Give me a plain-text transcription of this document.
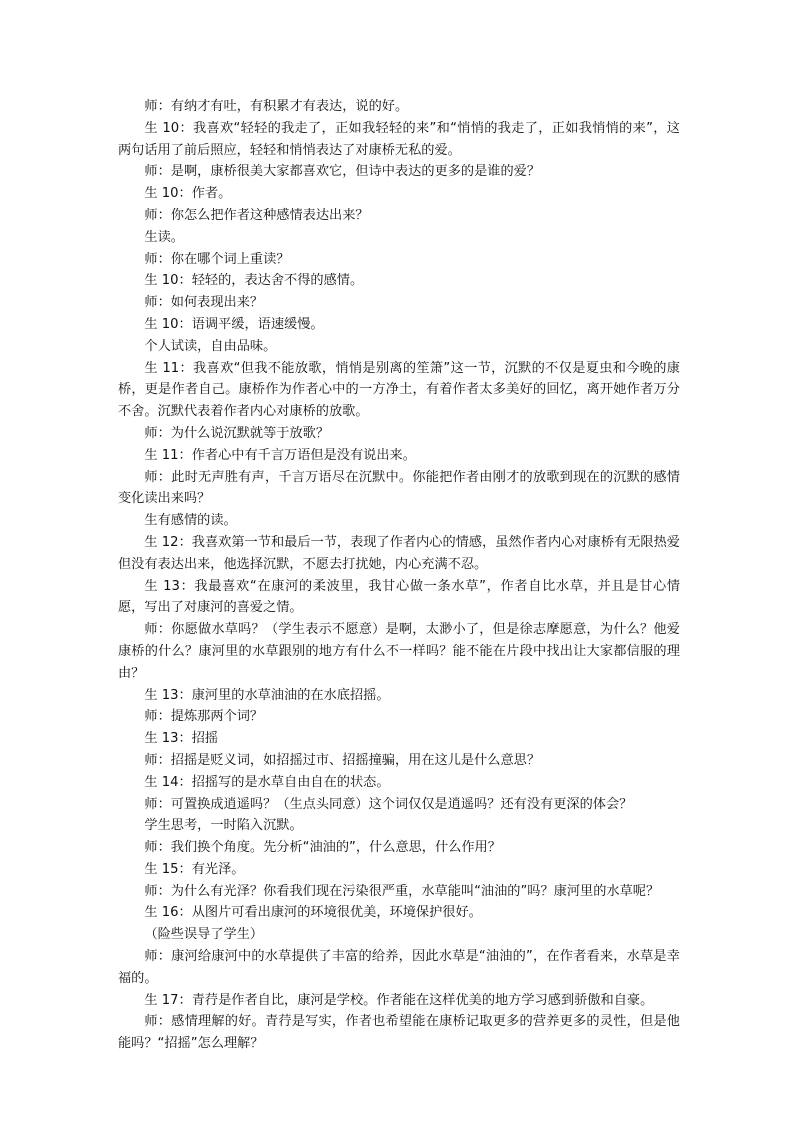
师：有纳才有吐，有积累才有表达，说的好。

生 10：我喜欢“轻轻的我走了，正如我轻轻的来”和“悄悄的我走了，正如我悄悄的来”，这两句话用了前后照应，轻轻和悄悄表达了对康桥无私的爱。

师：是啊，康桥很美大家都喜欢它，但诗中表达的更多的是谁的爱？

生 10：作者。

师：你怎么把作者这种感情表达出来？

生读。

师：你在哪个词上重读？

生 10：轻轻的，表达舍不得的感情。

师：如何表现出来？

生 10：语调平缓，语速缓慢。

个人试读，自由品味。

生 11：我喜欢“但我不能放歌，悄悄是别离的笙箫”这一节，沉默的不仅是夏虫和今晚的康桥，更是作者自己。康桥作为作者心中的一方净土，有着作者太多美好的回忆，离开她作者万分不舍。沉默代表着作者内心对康桥的放歌。

师：为什么说沉默就等于放歌？

生 11：作者心中有千言万语但是没有说出来。

师：此时无声胜有声，千言万语尽在沉默中。你能把作者由刚才的放歌到现在的沉默的感情变化读出来吗？

生有感情的读。

生 12：我喜欢第一节和最后一节，表现了作者内心的情感，虽然作者内心对康桥有无限热爱但没有表达出来，他选择沉默，不愿去打扰她，内心充满不忍。

生 13：我最喜欢“在康河的柔波里，我甘心做一条水草”，作者自比水草，并且是甘心情愿，写出了对康河的喜爱之情。

师：你愿做水草吗？（学生表示不愿意）是啊，太渺小了，但是徐志摩愿意，为什么？他爱康桥的什么？康河里的水草跟别的地方有什么不一样吗？能不能在片段中找出让大家都信服的理由？

生 13：康河里的水草油油的在水底招摇。

师：提炼那两个词？

生 13：招摇

师：招摇是贬义词，如招摇过市、招摇撞骗，用在这儿是什么意思？

生 14：招摇写的是水草自由自在的状态。

师：可置换成逍遥吗？（生点头同意）这个词仅仅是逍遥吗？还有没有更深的体会？

学生思考，一时陷入沉默。

师：我们换个角度。先分析“油油的”，什么意思，什么作用？

生 15：有光泽。

师：为什么有光泽？你看我们现在污染很严重，水草能叫“油油的”吗？康河里的水草呢？

生 16：从图片可看出康河的环境很优美，环境保护很好。

（险些误导了学生）

师：康河给康河中的水草提供了丰富的给养，因此水草是“油油的”，在作者看来，水草是幸福的。

生 17：青荇是作者自比，康河是学校。作者能在这样优美的地方学习感到骄傲和自豪。

师：感情理解的好。青荇是写实，作者也希望能在康桥记取更多的营养更多的灵性，但是他能吗？“招摇”怎么理解？
